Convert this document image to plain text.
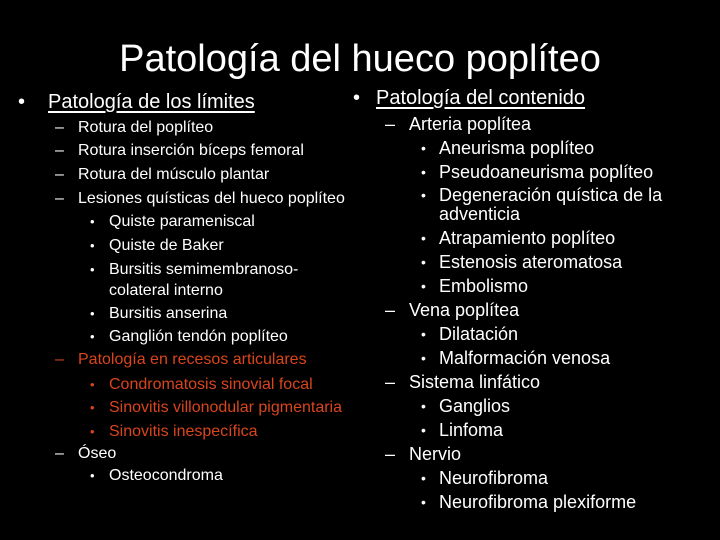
Patología del hueco poplíteo
• Patología de los límites
– Rotura del poplíteo
– Rotura inserción bíceps femoral
– Rotura del músculo plantar
– Lesiones quísticas del hueco poplíteo
• Quiste parameniscal
• Quiste de Baker
• Bursitis semimembranoso-
colateral interno
• Bursitis anserina
• Ganglión tendón poplíteo
– Patología en recesos articulares
• Condromatosis sinovial focal
• Sinovitis villonodular pigmentaria
• Sinovitis inespecífica
– Óseo
• Osteocondroma
• Patología del contenido
– Arteria poplítea
• Aneurisma poplíteo
• Pseudoaneurisma poplíteo
• Degeneración quística de la
adventicia
• Atrapamiento poplíteo
• Estenosis ateromatosa
• Embolismo
– Vena poplítea
• Dilatación
• Malformación venosa
– Sistema linfático
• Ganglios
• Linfoma
– Nervio
• Neurofibroma
• Neurofibroma plexiforme
